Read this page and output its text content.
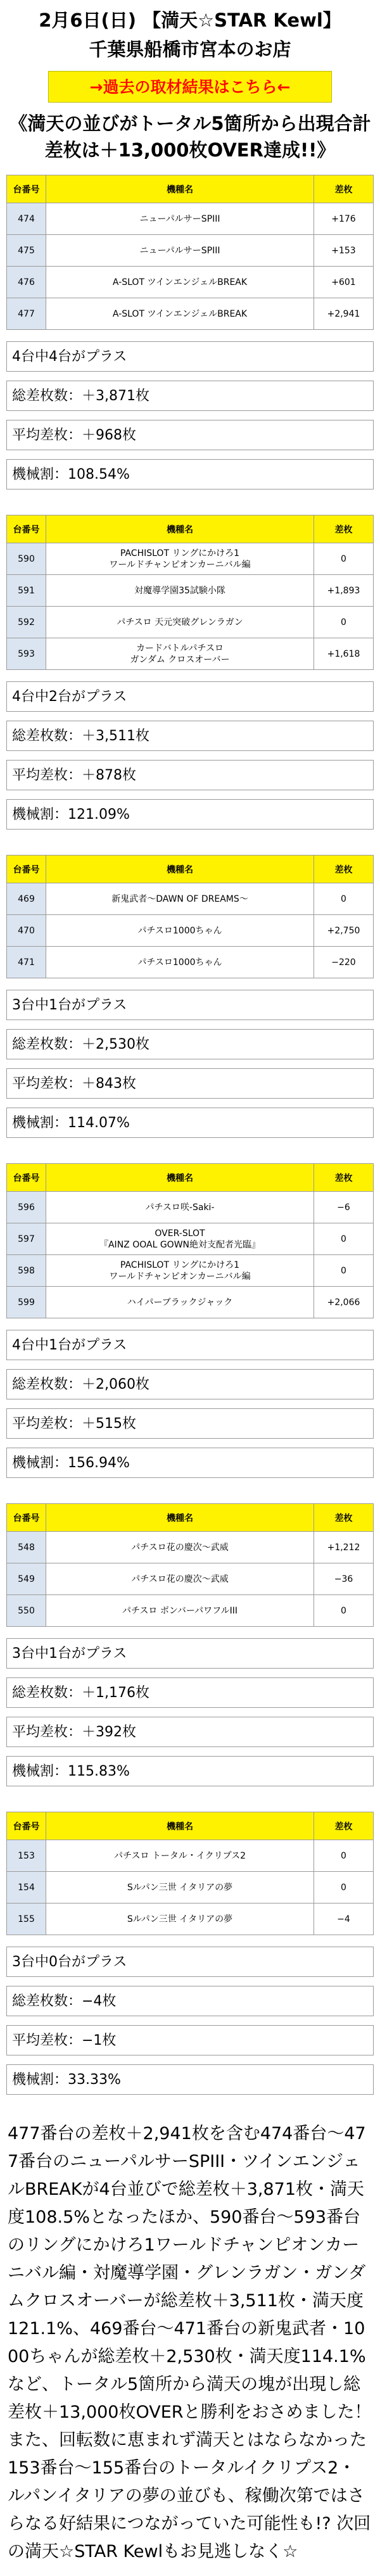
2月6日(日) 【満天☆STAR Kewl】
千葉県船橋市宮本のお店
→過去の取材結果はこちら←
《満天の並びがトータル5箇所から出現合計差枚は＋13,000枚OVER達成!!》
台番号	機種名	差枚
474	ニューパルサーSPIII	+176
475	ニューパルサーSPIII	+153
476	A-SLOT ツインエンジェルBREAK	+601
477	A-SLOT ツインエンジェルBREAK	+2,941
4台中4台がプラス
総差枚数：＋3,871枚
平均差枚：＋968枚
機械割：108.54%
台番号	機種名	差枚
590	PACHISLOT リングにかけろ1
ワールドチャンピオンカーニバル編	0
591	対魔導学園35試験小隊	+1,893
592	パチスロ 天元突破グレンラガン	0
593	カードバトルパチスロ
ガンダム クロスオーバー	+1,618
4台中2台がプラス
総差枚数：＋3,511枚
平均差枚：＋878枚
機械割：121.09%
台番号	機種名	差枚
469	新鬼武者〜DAWN OF DREAMS〜	0
470	パチスロ1000ちゃん	+2,750
471	パチスロ1000ちゃん	−220
3台中1台がプラス
総差枚数：＋2,530枚
平均差枚：＋843枚
機械割：114.07%
台番号	機種名	差枚
596	パチスロ咲-Saki-	−6
597	OVER-SLOT
『AINZ OOAL GOWN絶対支配者光臨』	0
598	PACHISLOT リングにかけろ1
ワールドチャンピオンカーニバル編	0
599	ハイパーブラックジャック	+2,066
4台中1台がプラス
総差枚数：＋2,060枚
平均差枚：＋515枚
機械割：156.94%
台番号	機種名	差枚
548	パチスロ花の慶次〜武威	+1,212
549	パチスロ花の慶次〜武威	−36
550	パチスロ ボンバーパワフルIII	0
3台中1台がプラス
総差枚数：＋1,176枚
平均差枚：＋392枚
機械割：115.83%
台番号	機種名	差枚
153	パチスロ トータル・イクリプス2	0
154	Sルパン三世 イタリアの夢	0
155	Sルパン三世 イタリアの夢	−4
3台中0台がプラス
総差枚数：−4枚
平均差枚：−1枚
機械割：33.33%
477番台の差枚＋2,941枚を含む474番台〜477番台のニューパルサーSPIII・ツインエンジェルBREAKが4台並びで総差枚＋3,871枚・満天度108.5%となったほか、590番台〜593番台のリングにかけろ1ワールドチャンピオンカーニバル編・対魔導学園・グレンラガン・ガンダムクロスオーバーが総差枚＋3,511枚・満天度121.1%、469番台〜471番台の新鬼武者・1000ちゃんが総差枚＋2,530枚・満天度114.1%など、トータル5箇所から満天の塊が出現し総差枚＋13,000枚OVERと勝利をおさめました！また、回転数に恵まれず満天とはならなかった153番台〜155番台のトータルイクリプス2・ルパンイタリアの夢の並びも、稼働次第ではさらなる好結果につながっていた可能性も!? 次回の満天☆STAR Kewlもお見逃しなく☆
